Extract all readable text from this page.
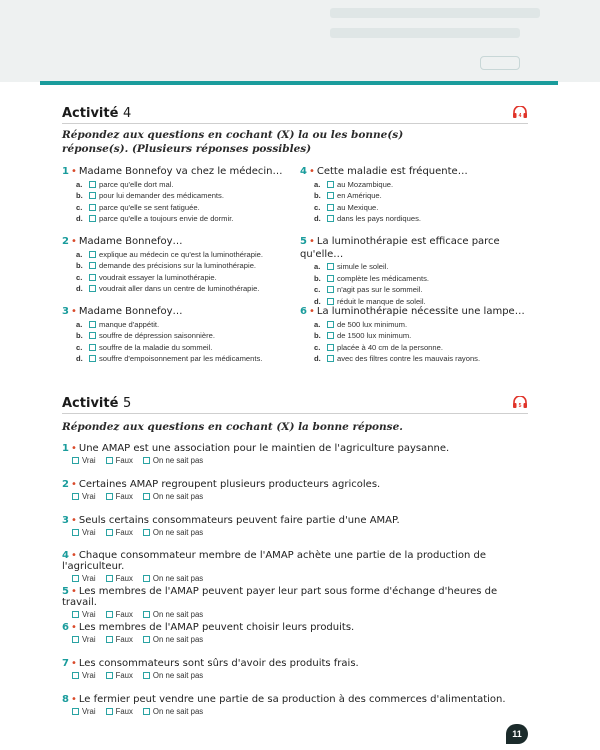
Activité 4	4
Répondez aux questions en cochant (X) la ou les bonne(s) réponse(s). (Plusieurs réponses possibles)
1 • Madame Bonnefoy va chez le médecin…
a.	parce qu'elle dort mal.
b.	pour lui demander des médicaments.
c.	parce qu'elle se sent fatiguée.
d.	parce qu'elle a toujours envie de dormir.
2 • Madame Bonnefoy…
a.	explique au médecin ce qu'est la luminothérapie.
b.	demande des précisions sur la luminothérapie.
c.	voudrait essayer la luminothérapie.
d.	voudrait aller dans un centre de luminothérapie.
3 • Madame Bonnefoy…
a.	manque d'appétit.
b.	souffre de dépression saisonnière.
c.	souffre de la maladie du sommeil.
d.	souffre d'empoisonnement par les médicaments.
4 • Cette maladie est fréquente…
a.	au Mozambique.
b.	en Amérique.
c.	au Mexique.
d.	dans les pays nordiques.
5 • La luminothérapie est efficace parce qu'elle…
a.	simule le soleil.
b.	complète les médicaments.
c.	n'agit pas sur le sommeil.
d.	réduit le manque de soleil.
6 • La luminothérapie nécessite une lampe…
a.	de 500 lux minimum.
b.	de 1500 lux minimum.
c.	placée à 40 cm de la personne.
d.	avec des filtres contre les mauvais rayons.
Activité 5	5
Répondez aux questions en cochant (X) la bonne réponse.
1 • Une AMAP est une association pour le maintien de l'agriculture paysanne.
Vrai	Faux	On ne sait pas
2 • Certaines AMAP regroupent plusieurs producteurs agricoles.
Vrai	Faux	On ne sait pas
3 • Seuls certains consommateurs peuvent faire partie d'une AMAP.
Vrai	Faux	On ne sait pas
4 • Chaque consommateur membre de l'AMAP achète une partie de la production de l'agriculteur.
Vrai	Faux	On ne sait pas
5 • Les membres de l'AMAP peuvent payer leur part sous forme d'échange d'heures de travail.
Vrai	Faux	On ne sait pas
6 • Les membres de l'AMAP peuvent choisir leurs produits.
Vrai	Faux	On ne sait pas
7 • Les consommateurs sont sûrs d'avoir des produits frais.
Vrai	Faux	On ne sait pas
8 • Le fermier peut vendre une partie de sa production à des commerces d'alimentation.
Vrai	Faux	On ne sait pas
11
